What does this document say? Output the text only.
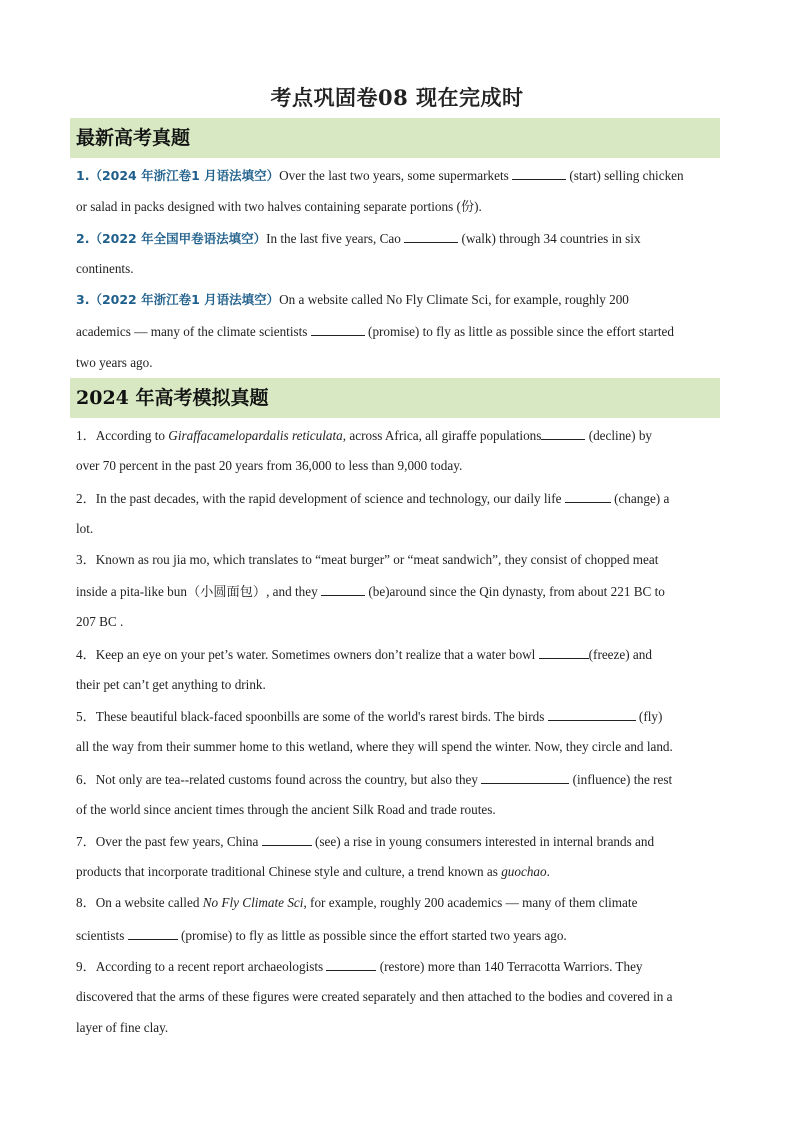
考点巩固卷08 现在完成时
最新高考真题
1.（2024 年浙江卷1 月语法填空）Over the last two years, some supermarkets	(start) selling chicken
or salad in packs designed with two halves containing separate portions (份).
2.（2022 年全国甲卷语法填空）In the last five years, Cao	(walk) through 34 countries in six
continents.
3.（2022 年浙江卷1 月语法填空）On a website called No Fly Climate Sci, for example, roughly 200
academics — many of the climate scientists	(promise) to fly as little as possible since the effort started
two years ago.
2024 年高考模拟真题
1．According to Giraffacamelopardalis reticulata, across Africa, all giraffe populations	(decline) by
over 70 percent in the past 20 years from 36,000 to less than 9,000 today.
2．In the past decades, with the rapid development of science and technology, our daily life	(change) a
lot.
3．Known as rou jia mo, which translates to “meat burger” or “meat sandwich”, they consist of chopped meat
inside a pita-like bun（小圆面包）, and they	(be)around since the Qin dynasty, from about 221 BC to
207 BC .
4．Keep an eye on your pet’s water. Sometimes owners don’t realize that a water bowl	(freeze) and
their pet can’t get anything to drink.
5．These beautiful black-faced spoonbills are some of the world's rarest birds. The birds	(fly)
all the way from their summer home to this wetland, where they will spend the winter. Now, they circle and land.
6．Not only are tea--related customs found across the country, but also they	(influence) the rest
of the world since ancient times through the ancient Silk Road and trade routes.
7．Over the past few years, China	(see) a rise in young consumers interested in internal brands and
products that incorporate traditional Chinese style and culture, a trend known as guochao.
8．On a website called No Fly Climate Sci, for example, roughly 200 academics — many of them climate
scientists	(promise) to fly as little as possible since the effort started two years ago.
9．According to a recent report archaeologists	(restore) more than 140 Terracotta Warriors. They
discovered that the arms of these figures were created separately and then attached to the bodies and covered in a
layer of fine clay.
